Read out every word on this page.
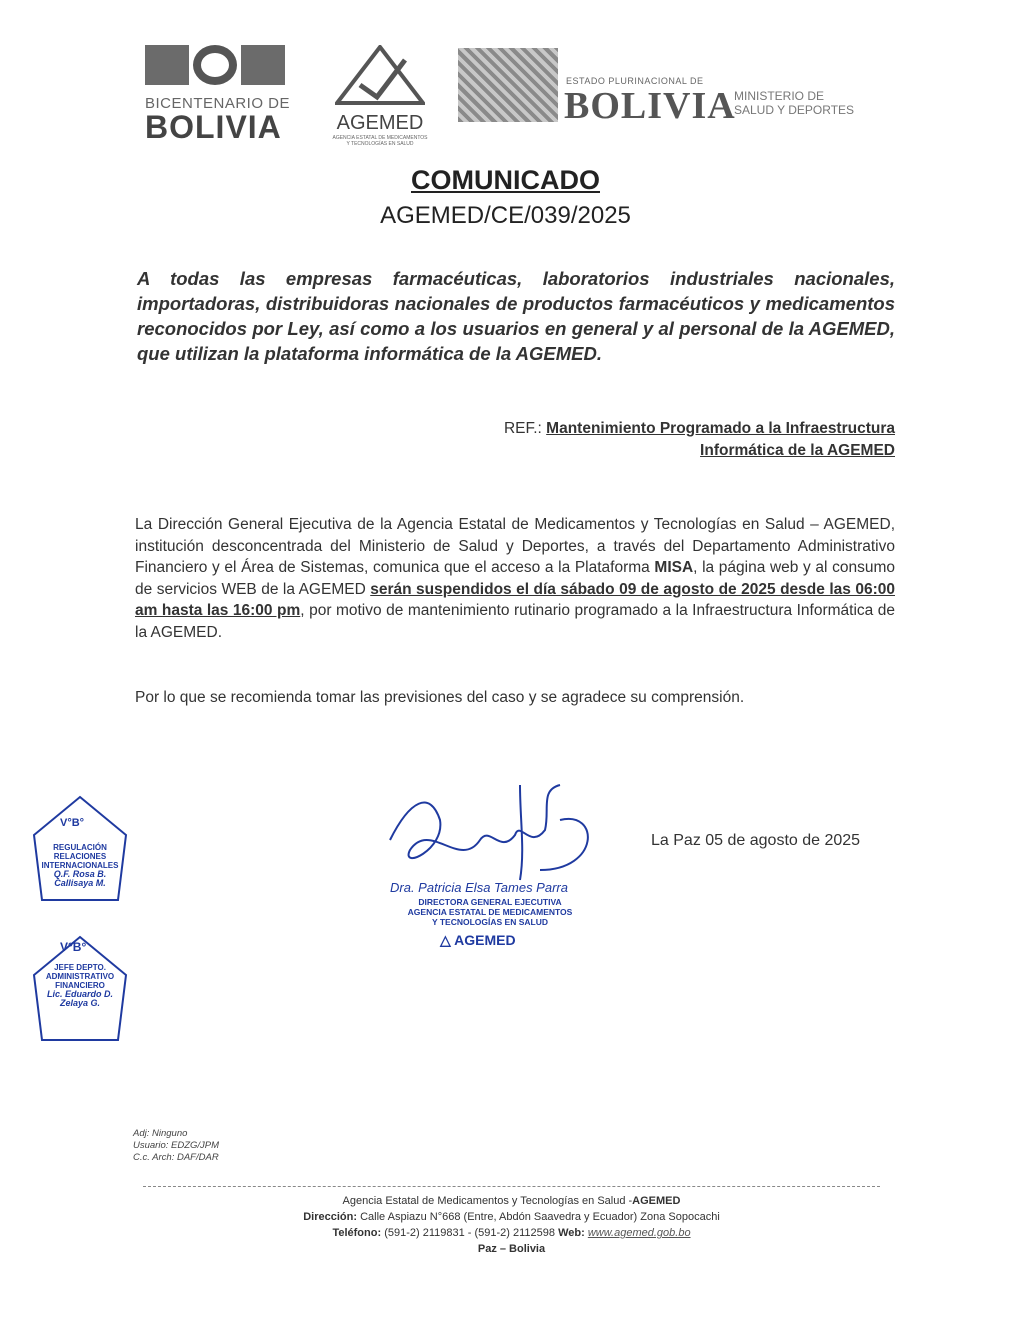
BICENTENARIO DE
BOLIVIA	AGEMED
AGENCIA ESTATAL DE MEDICAMENTOS
Y TECNOLOGÍAS EN SALUD
ESTADO PLURINACIONAL DE
BOLIVIA
MINISTERIO DE
SALUD Y DEPORTES
COMUNICADO
AGEMED/CE/039/2025
A todas las empresas farmacéuticas, laboratorios industriales nacionales, importadoras, distribuidoras nacionales de productos farmacéuticos y medicamentos reconocidos por Ley, así como a los usuarios en general y al personal de la AGEMED, que utilizan la plataforma informática de la AGEMED.
REF.: Mantenimiento Programado a la Infraestructura
Informática de la AGEMED
La Dirección General Ejecutiva de la Agencia Estatal de Medicamentos y Tecnologías en Salud – AGEMED, institución desconcentrada del Ministerio de Salud y Deportes, a través del Departamento Administrativo Financiero y el Área de Sistemas, comunica que el acceso a la Plataforma MISA, la página web y al consumo de servicios WEB de la AGEMED serán suspendidos el día sábado 09 de agosto de 2025 desde las 06:00 am hasta las 16:00 pm, por motivo de mantenimiento rutinario programado a la Infraestructura Informática de la AGEMED.
Por lo que se recomienda tomar las previsiones del caso y se agradece su comprensión.
La Paz 05 de agosto de 2025
Dra. Patricia Elsa Tames Parra
DIRECTORA GENERAL EJECUTIVA
AGENCIA ESTATAL DE MEDICAMENTOS
Y TECNOLOGÍAS EN SALUD
△ AGEMED
V°B°
REGULACIÓN
RELACIONES
INTERNACIONALES
Q.F. Rosa B.
Callisaya M.
V°B°
JEFE DEPTO.
ADMINISTRATIVO
FINANCIERO
Lic. Eduardo D.
Zelaya G.
Adj: Ninguno
Usuario: EDZG/JPM
C.c. Arch: DAF/DAR
Agencia Estatal de Medicamentos y Tecnologías en Salud -AGEMED
Dirección: Calle Aspiazu N°668 (Entre, Abdón Saavedra y Ecuador) Zona Sopocachi
Teléfono: (591-2) 2119831 - (591-2) 2112598 Web: www.agemed.gob.bo
Paz – Bolivia
